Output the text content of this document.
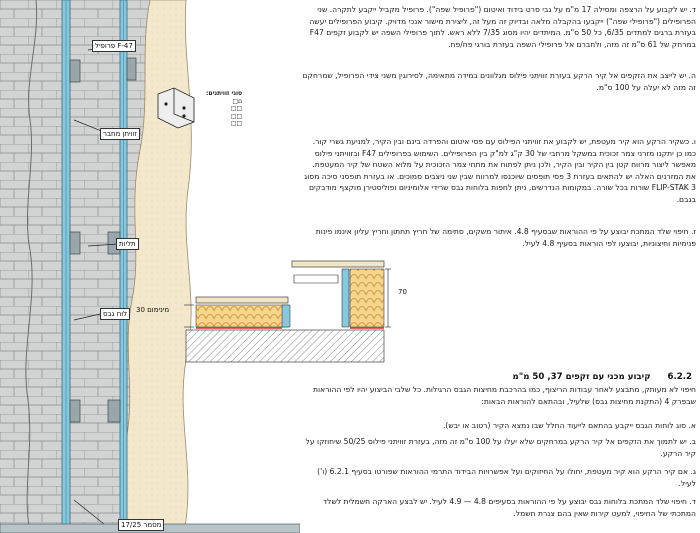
פרופיל F-47
זוויתן מחבר
תליות
לוח גבס
מסמר 17/25
סוגי זוויתנים:
ם□
□□
□□
□□
מינימום 30
70
ד. יש לקבוע על הרצפה ומסילה 17 מ"מ על גבי סרט בידוד ואיטום ("פרופיל שפה"). פרופיל מקביל ייקבע לתקרה. שני הפרופילים ("פרופילי שפה") ייקבעו בהקבלה מלאה ובדיוק זה מעל זה, ליצירת מישור אנכי מדויק. קיבוע הפרופילים יעשה בעזרת ברגים למתדים 6/35, כל 50 ס"מ. המיתדים יהיו מסוג 7/35 ללא ראש. לתוך פרופילי השפה יש לקבוע זקפים F47 במרחק של 61 ס"מ זה מזה, ולחברם אל פרופילי השפה בעזרת בורגי פח/פח.
ה. יש לייצב את הזקפים אל קיר הרקע בעזרת זוויתני פילוס מגלוונים במידה מתאימה, לסירוגין משני צידי הפרופיל, שמרחקם זה מזה לא יעלה על 100 ס"מ.
ו. כשקיר הרקע הוא קיר מעטפת, יש לקבוע את זוויתני הפילוס עם פסי איטום והפרדה בינם ובין הקיר, למניעת גשרי קור. כמו כן יתקנו מזרני צמר זכוכית במשקל מרחבי של 30 ק"ג למ"ק בין הפרופילים. השימוש בפרופילים F47 ובזוויתני פילוס מאפשר ליצור מרווח קטן בין הקיר ובין הקיר, ולכן ניתן לפתוח את מתחי צמר הזכוכית על מלוא השטח של קיר המעטפת. את המזרנים האלה יש להתאים בעזרת 3 פסי תופסים שיוכנסו למרווח שבין שני ניצבים סמוכים. או בעזרת תופסני סיכה מסוג FLIP-STAK 3 שורות בכל שורה. במקומות הנדרשים, ניתן לחפות בלוחות גבס שרידי אלומיניום ופוליסטירן מוקצף מודבקים בגבם.
ז. חיפוי שלד המתכת יבוצע על פי ההוראות שבסעיף 4.8. איתור משקים, סתימה של חריץ תחתון וחריץ עליון אינמו פינות פנימיות וחיצוניות, יבוצעו לפי הוראות בסעיף 4.8 לעיל.
6.2.2 קיבוע מכני עם זקפים 37, 50 מ"מ
חיפוי לא מעותק, מתבצע לאחר עבודות הריצוף, כמו בהרכבת מחיצות הגבס הרגילות. כל שלבי הביצוע יהיו לפי ההוראות שבפרק 4 (התקנת מחיצות גבס) שלעיל, ובהתאם להוראות הבאות:
א. סוג לוחות הגבס ייקבע בהתאם לייעוד החלל שבו נמצא הקיר (רטוב או יבש).
ב. יש לתמוך את הזקפים אל קיר הרקע במרחקים שלא יעלו על 100 ס"מ זה מזה, בעזרת זוויתני פילוס 50/25 שיחוזקו על קיר הרקע.
ג. אם קיר הרקע הוא קיר מעטפת, יחולו על החיזוקים ועל אפשרויות הבידוד התרמי ההוראות שפורטו בסעיף 6.2.1 (ו') לעיל.
ד. חיפוי שלד המתכת בלוחות גבס יבוצע על פי ההוראות בסעיפים 4.8 — 4.9 לעיל. יש לבצע הארקה חשמלית לשלד המתכתי של החיפוי, למעט קירות שאין בהם צנרת חשמל.
